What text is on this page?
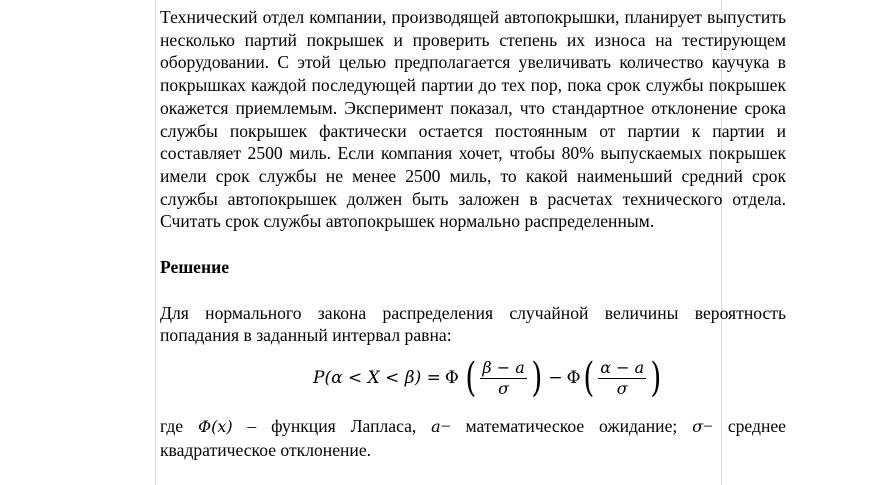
Технический отдел компании, производящей автопокрышки, планирует выпустить несколько партий покрышек и проверить степень их износа на тестирующем оборудовании. С этой целью предполагается увеличивать количество каучука в покрышках каждой последующей партии до тех пор, пока срок службы покрышек окажется приемлемым. Эксперимент показал, что стандартное отклонение срока службы покрышек фактически остается постоянным от партии к партии и составляет 2500 миль. Если компания хочет, чтобы 80% выпускаемых покрышек имели срок службы не менее 2500 миль, то какой наименьший средний срок службы автопокрышек должен быть заложен в расчетах технического отдела. Считать срок службы автопокрышек нормально распределенным.

Решение

Для нормального закона распределения случайной величины вероятность попадания в заданный интервал равна:

P(α < X < β) = Φ ( $\frac{\beta - a}{\sigma}$ ) − Φ ( $\frac{\alpha - a}{\sigma}$ )

где Φ(x) – функция Лапласа, a− математическое ожидание; σ− среднее квадратическое отклонение.
